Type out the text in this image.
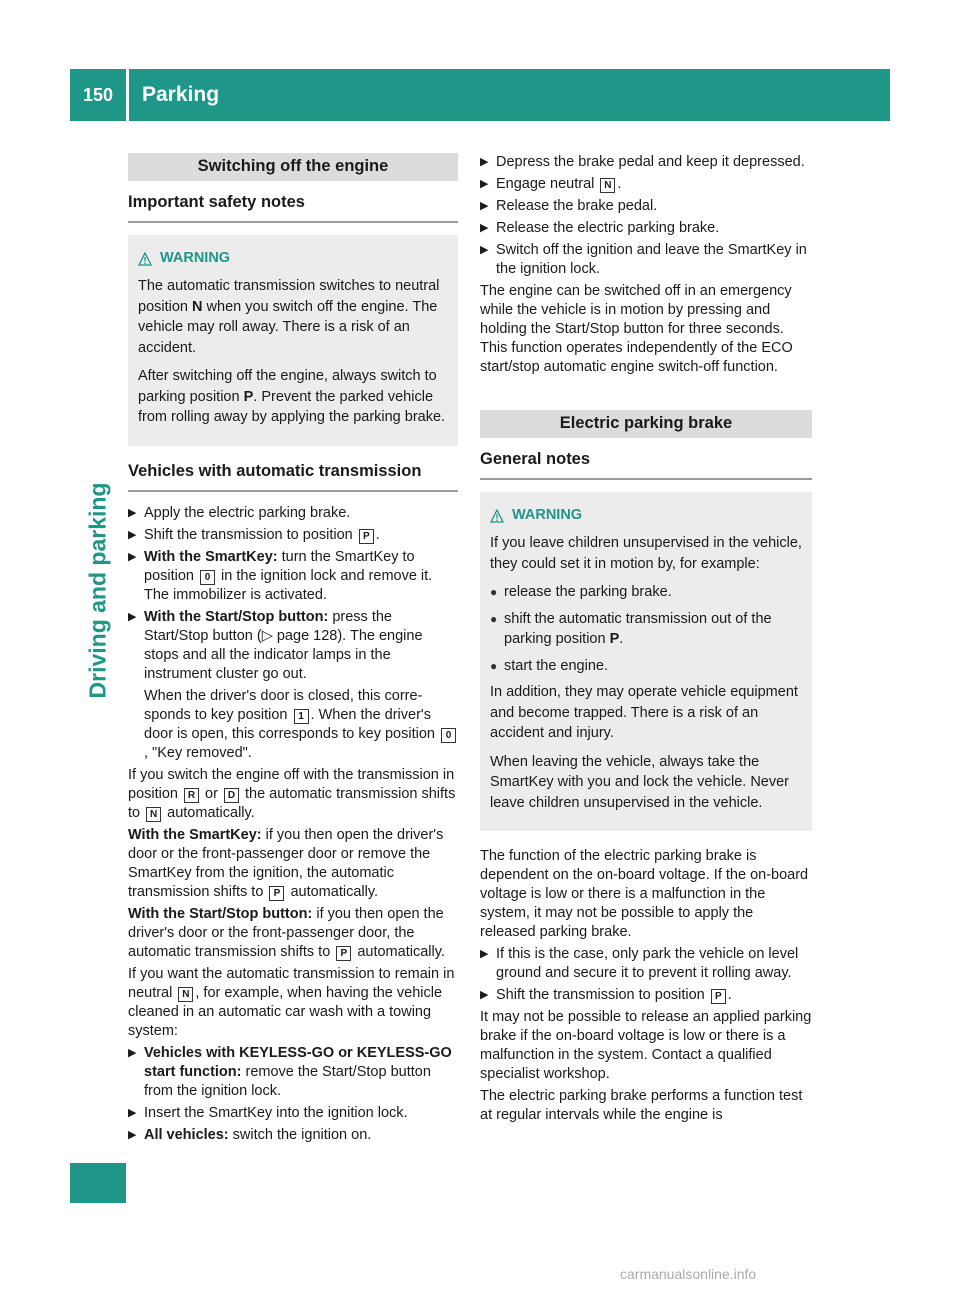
150	Parking
Driving and parking
Switching off the engine
Important safety notes
WARNING

The automatic transmission switches to neutral position N when you switch off the engine. The vehicle may roll away. There is a risk of an accident.

After switching off the engine, always switch to parking position P. Prevent the parked vehicle from rolling away by applying the parking brake.

Vehicles with automatic transmission
▶ Apply the electric parking brake.
▶ Shift the transmission to position P .
▶ With the SmartKey: turn the SmartKey to position 0 in the ignition lock and remove it. The immobilizer is activated.
▶ With the Start/Stop button: press the Start/Stop button (▷ page 128). The engine stops and all the indicator lamps in the instrument cluster go out.

When the driver's door is closed, this corresponds to key position 1 . When the driver's door is open, this corresponds to key position 0, "Key removed".

If you switch the engine off with the transmission in position R or D the automatic transmission shifts to N automatically.

With the SmartKey: if you then open the driver's door or the front-passenger door or remove the SmartKey from the ignition, the automatic transmission shifts to P automatically.

With the Start/Stop button: if you then open the driver's door or the front-passenger door, the automatic transmission shifts to P automatically.

If you want the automatic transmission to remain in neutral N , for example, when having the vehicle cleaned in an automatic car wash with a towing system:

▶ Vehicles with KEYLESS-GO or KEYLESS-GO start function: remove the Start/Stop button from the ignition lock.
▶ Insert the SmartKey into the ignition lock.
▶ All vehicles: switch the ignition on.
▶ Depress the brake pedal and keep it depressed.
▶ Engage neutral N .
▶ Release the brake pedal.
▶ Release the electric parking brake.
▶ Switch off the ignition and leave the SmartKey in the ignition lock.

The engine can be switched off in an emergency while the vehicle is in motion by pressing and holding the Start/Stop button for three seconds. This function operates independently of the ECO start/stop automatic engine switch-off function.

Electric parking brake
General notes
WARNING

If you leave children unsupervised in the vehicle, they could set it in motion by, for example:

● release the parking brake.
● shift the automatic transmission out of the parking position P.
● start the engine.

In addition, they may operate vehicle equipment and become trapped. There is a risk of an accident and injury.

When leaving the vehicle, always take the SmartKey with you and lock the vehicle. Never leave children unsupervised in the vehicle.

The function of the electric parking brake is dependent on the on-board voltage. If the on-board voltage is low or there is a malfunction in the system, it may not be possible to apply the released parking brake.

▶ If this is the case, only park the vehicle on level ground and secure it to prevent it rolling away.
▶ Shift the transmission to position P .

It may not be possible to release an applied parking brake if the on-board voltage is low or there is a malfunction in the system. Contact a qualified specialist workshop.

The electric parking brake performs a function test at regular intervals while the engine is

carmanualsonline.info
